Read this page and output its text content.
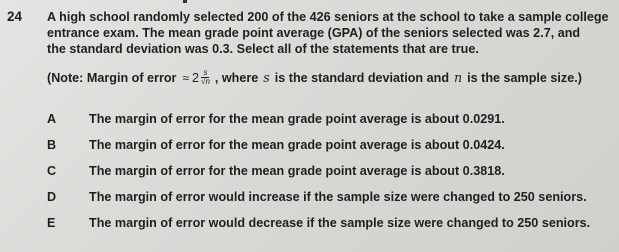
24 A high school randomly selected 200 of the 426 seniors at the school to take a sample college
entrance exam. The mean grade point average (GPA) of the seniors selected was 2.7, and
the standard deviation was 0.3. Select all of the statements that are true.
(Note: Margin of error ≈ $2 \frac{s}{√n}$ , where s is the standard deviation and n is the sample size.)
A	The margin of error for the mean grade point average is about 0.0291.
B	The margin of error for the mean grade point average is about 0.0424.
C	The margin of error for the mean grade point average is about 0.3818.
D	The margin of error would increase if the sample size were changed to 250 seniors.
E	The margin of error would decrease if the sample size were changed to 250 seniors.
